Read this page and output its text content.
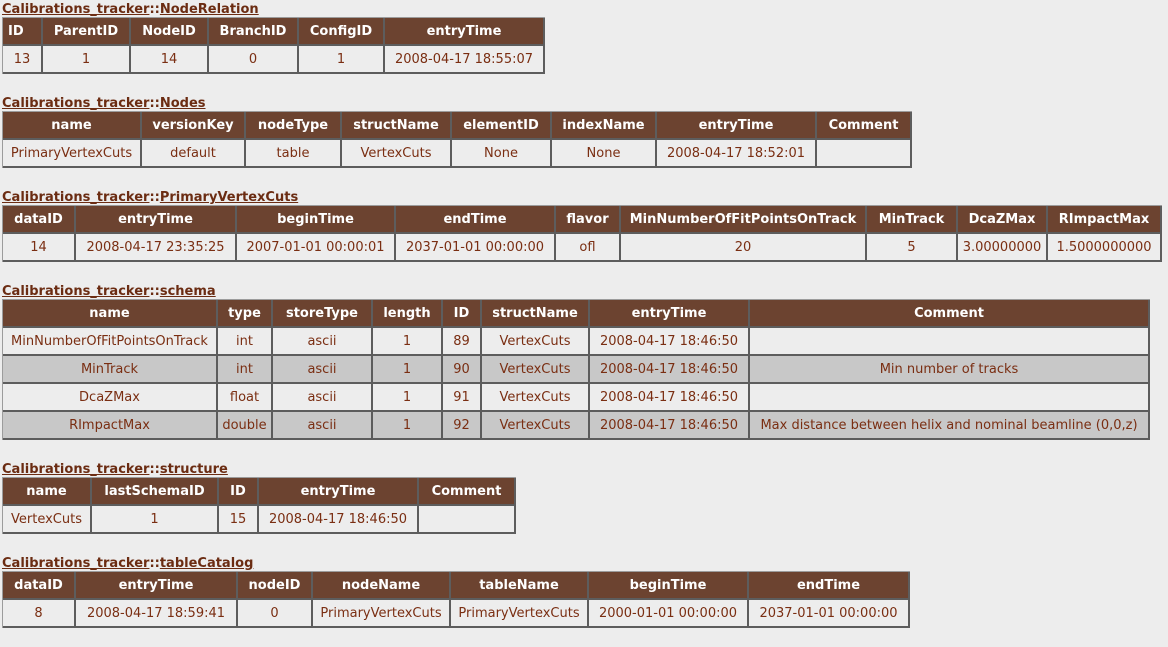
Calibrations_tracker::NodeRelation
ID	ParentID	NodeID	BranchID	ConfigID	entryTime
13	1	14	0	1	2008-04-17 18:55:07
Calibrations_tracker::Nodes
name	versionKey	nodeType	structName	elementID	indexName	entryTime	Comment
PrimaryVertexCuts	default	table	VertexCuts	None	None	2008-04-17 18:52:01	
Calibrations_tracker::PrimaryVertexCuts
dataID	entryTime	beginTime	endTime	flavor	MinNumberOfFitPointsOnTrack	MinTrack	DcaZMax	RImpactMax
14	2008-04-17 23:35:25	2007-01-01 00:00:01	2037-01-01 00:00:00	ofl	20	5	3.00000000	1.5000000000
Calibrations_tracker::schema
name	type	storeType	length	ID	structName	entryTime	Comment
MinNumberOfFitPointsOnTrack	int	ascii	1	89	VertexCuts	2008-04-17 18:46:50	
MinTrack	int	ascii	1	90	VertexCuts	2008-04-17 18:46:50	Min number of tracks
DcaZMax	float	ascii	1	91	VertexCuts	2008-04-17 18:46:50	
RImpactMax	double	ascii	1	92	VertexCuts	2008-04-17 18:46:50	Max distance between helix and nominal beamline (0,0,z)
Calibrations_tracker::structure
name	lastSchemaID	ID	entryTime	Comment
VertexCuts	1	15	2008-04-17 18:46:50	
Calibrations_tracker::tableCatalog
dataID	entryTime	nodeID	nodeName	tableName	beginTime	endTime
8	2008-04-17 18:59:41	0	PrimaryVertexCuts	PrimaryVertexCuts	2000-01-01 00:00:00	2037-01-01 00:00:00
